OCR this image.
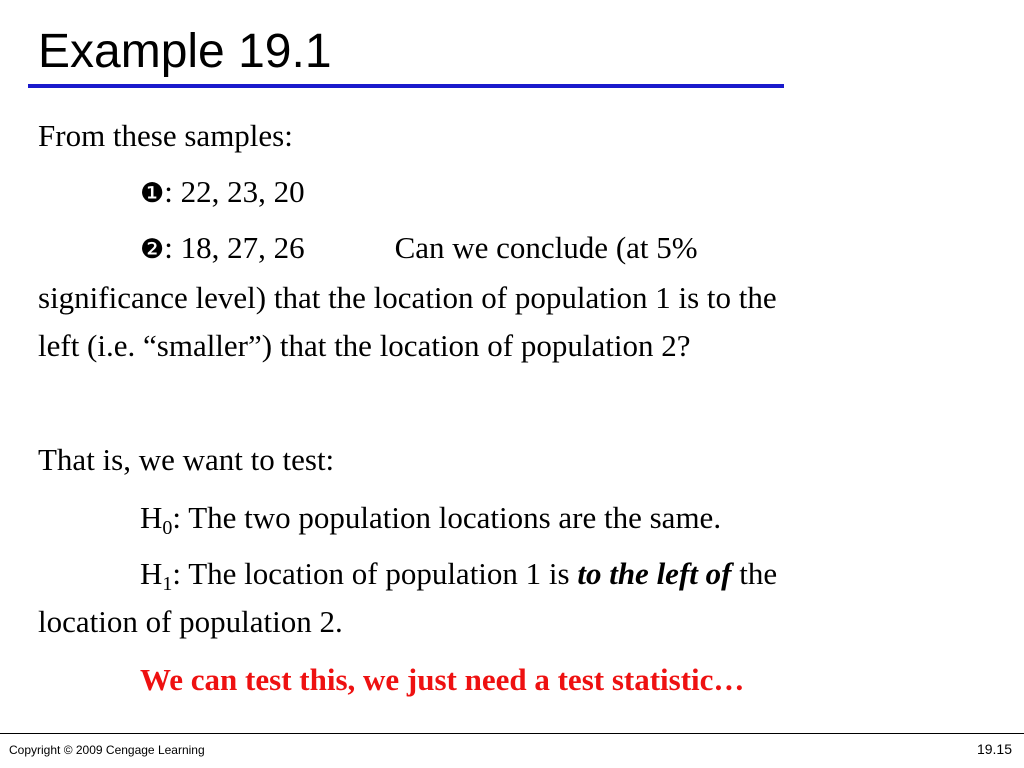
Example 19.1
From these samples:
❶: 22, 23, 20
❷: 18, 27, 26	Can we conclude (at 5%
significance level) that the location of population 1 is to the
left (i.e. “smaller”) that the location of population 2?
That is, we want to test:
$H_0$: The two population locations are the same.
$H_1$: The location of population 1 is to the left of the
location of population 2.
We can test this, we just need a test statistic…
Copyright © 2009 Cengage Learning	19.15
